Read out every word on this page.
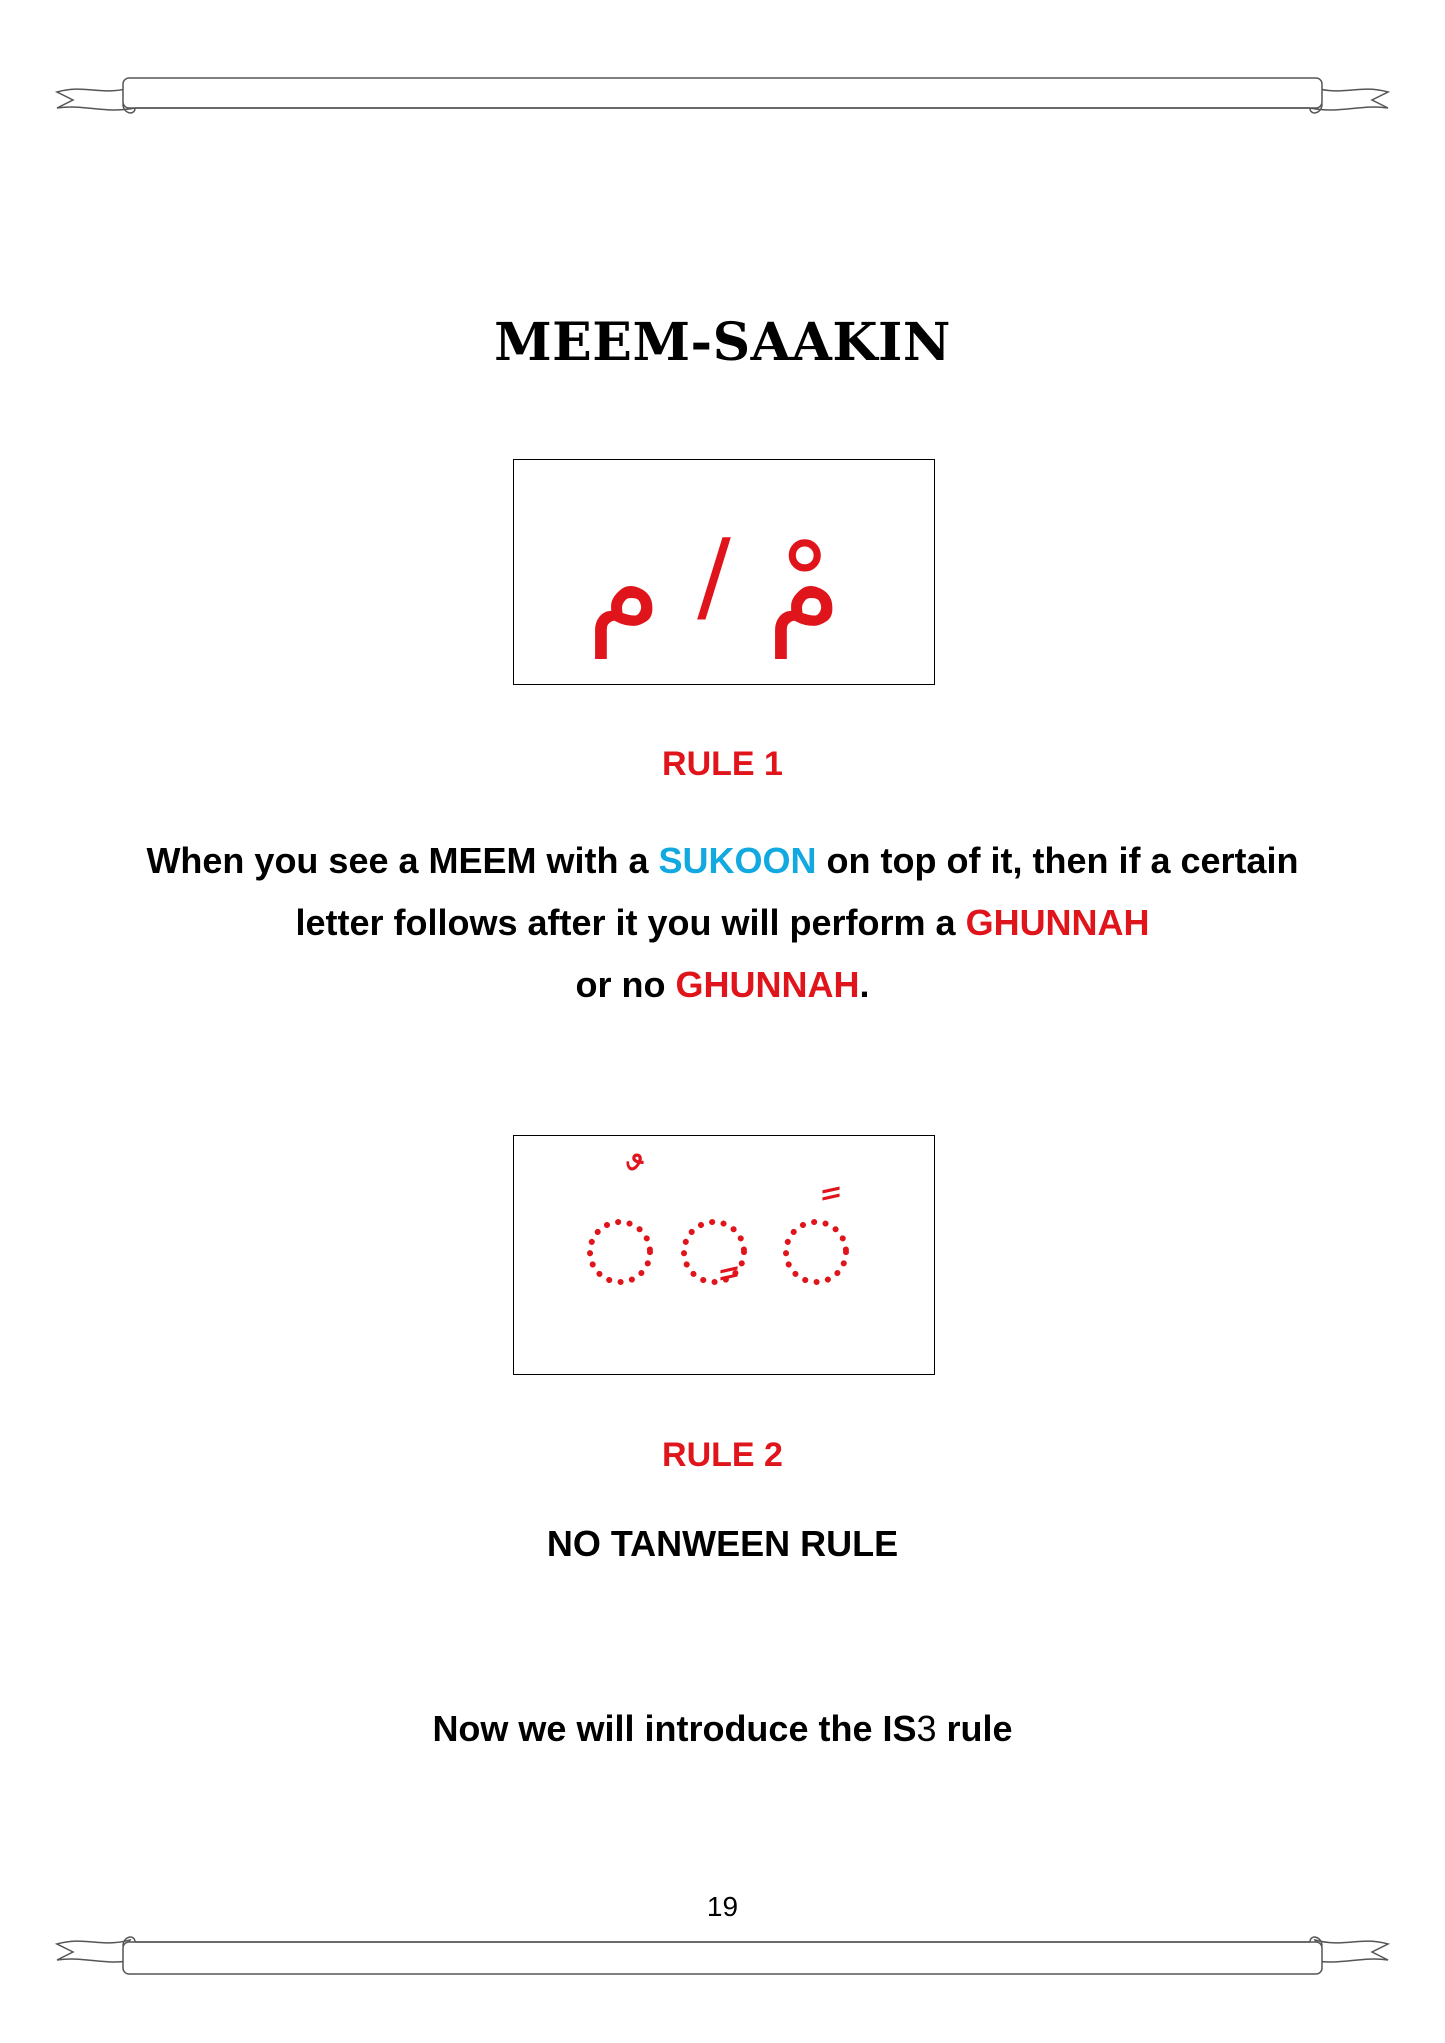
MEEM-SAAKIN
مْ
/
م
RULE 1
When you see a MEEM with a SUKOON on top of it, then if a certain letter follows after it you will perform a GHUNNAH
or no GHUNNAH.
RULE 2
NO TANWEEN RULE
Now we will introduce the IS3 rule
19
